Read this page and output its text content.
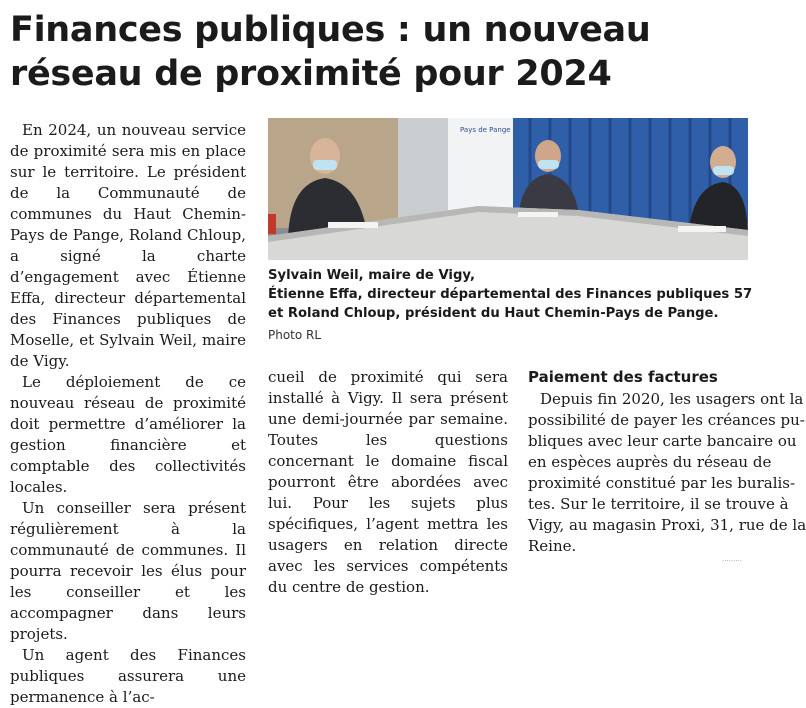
Finances publiques : un nouveau
réseau de proximité pour 2024

En 2024, un nouveau service de proximité sera mis en place sur le territoire. Le président de la Communauté de communes du Haut Chemin-Pays de Pange, Roland Chloup, a signé la charte d’engagement avec Étienne Effa, directeur départemental des Finances publiques de Moselle, et Sylvain Weil, maire de Vigy.

Le déploiement de ce nouveau réseau de proximité doit permettre d’améliorer la gestion financière et comptable des collectivités locales.

Un conseiller sera présent régulièrement à la communauté de communes. Il pourra recevoir les élus pour les conseiller et les accompagner dans leurs projets.

Un agent des Finances publiques assurera une permanence à l’ac-

Pays de Pange
Sylvain Weil, maire de Vigy,
Étienne Effa, directeur départemental des Finances publiques 57
et Roland Chloup, président du Haut Chemin-Pays de Pange.
Photo RL

cueil de proximité qui sera installé à Vigy. Il sera présent une demi-journée par semaine. Toutes les questions concernant le domaine fiscal pourront être abordées avec lui. Pour les sujets plus spécifiques, l’agent mettra les usagers en relation directe avec les services compétents du centre de gestion.

Paiement des factures
Depuis fin 2020, les usagers ont la
possibilité de payer les créances pu-
bliques avec leur carte bancaire ou
en espèces auprès du réseau de
proximité constitué par les buralis-
tes. Sur le territoire, il se trouve à
Vigy, au magasin Proxi, 31, rue de la
Reine.
.........
